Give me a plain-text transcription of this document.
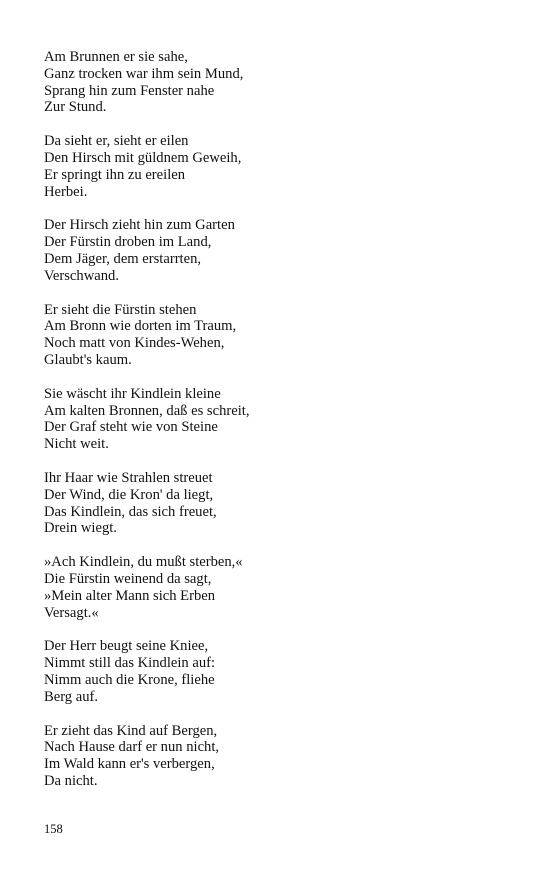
Am Brunnen er sie sahe,
Ganz trocken war ihm sein Mund,
Sprang hin zum Fenster nahe
Zur Stund.
Da sieht er, sieht er eilen
Den Hirsch mit güldnem Geweih,
Er springt ihn zu ereilen
Herbei.
Der Hirsch zieht hin zum Garten
Der Fürstin droben im Land,
Dem Jäger, dem erstarrten,
Verschwand.
Er sieht die Fürstin stehen
Am Bronn wie dorten im Traum,
Noch matt von Kindes-Wehen,
Glaubt's kaum.
Sie wäscht ihr Kindlein kleine
Am kalten Bronnen, daß es schreit,
Der Graf steht wie von Steine
Nicht weit.
Ihr Haar wie Strahlen streuet
Der Wind, die Kron' da liegt,
Das Kindlein, das sich freuet,
Drein wiegt.
»Ach Kindlein, du mußt sterben,«
Die Fürstin weinend da sagt,
»Mein alter Mann sich Erben
Versagt.«
Der Herr beugt seine Kniee,
Nimmt still das Kindlein auf:
Nimm auch die Krone, fliehe
Berg auf.
Er zieht das Kind auf Bergen,
Nach Hause darf er nun nicht,
Im Wald kann er's verbergen,
Da nicht.
158
